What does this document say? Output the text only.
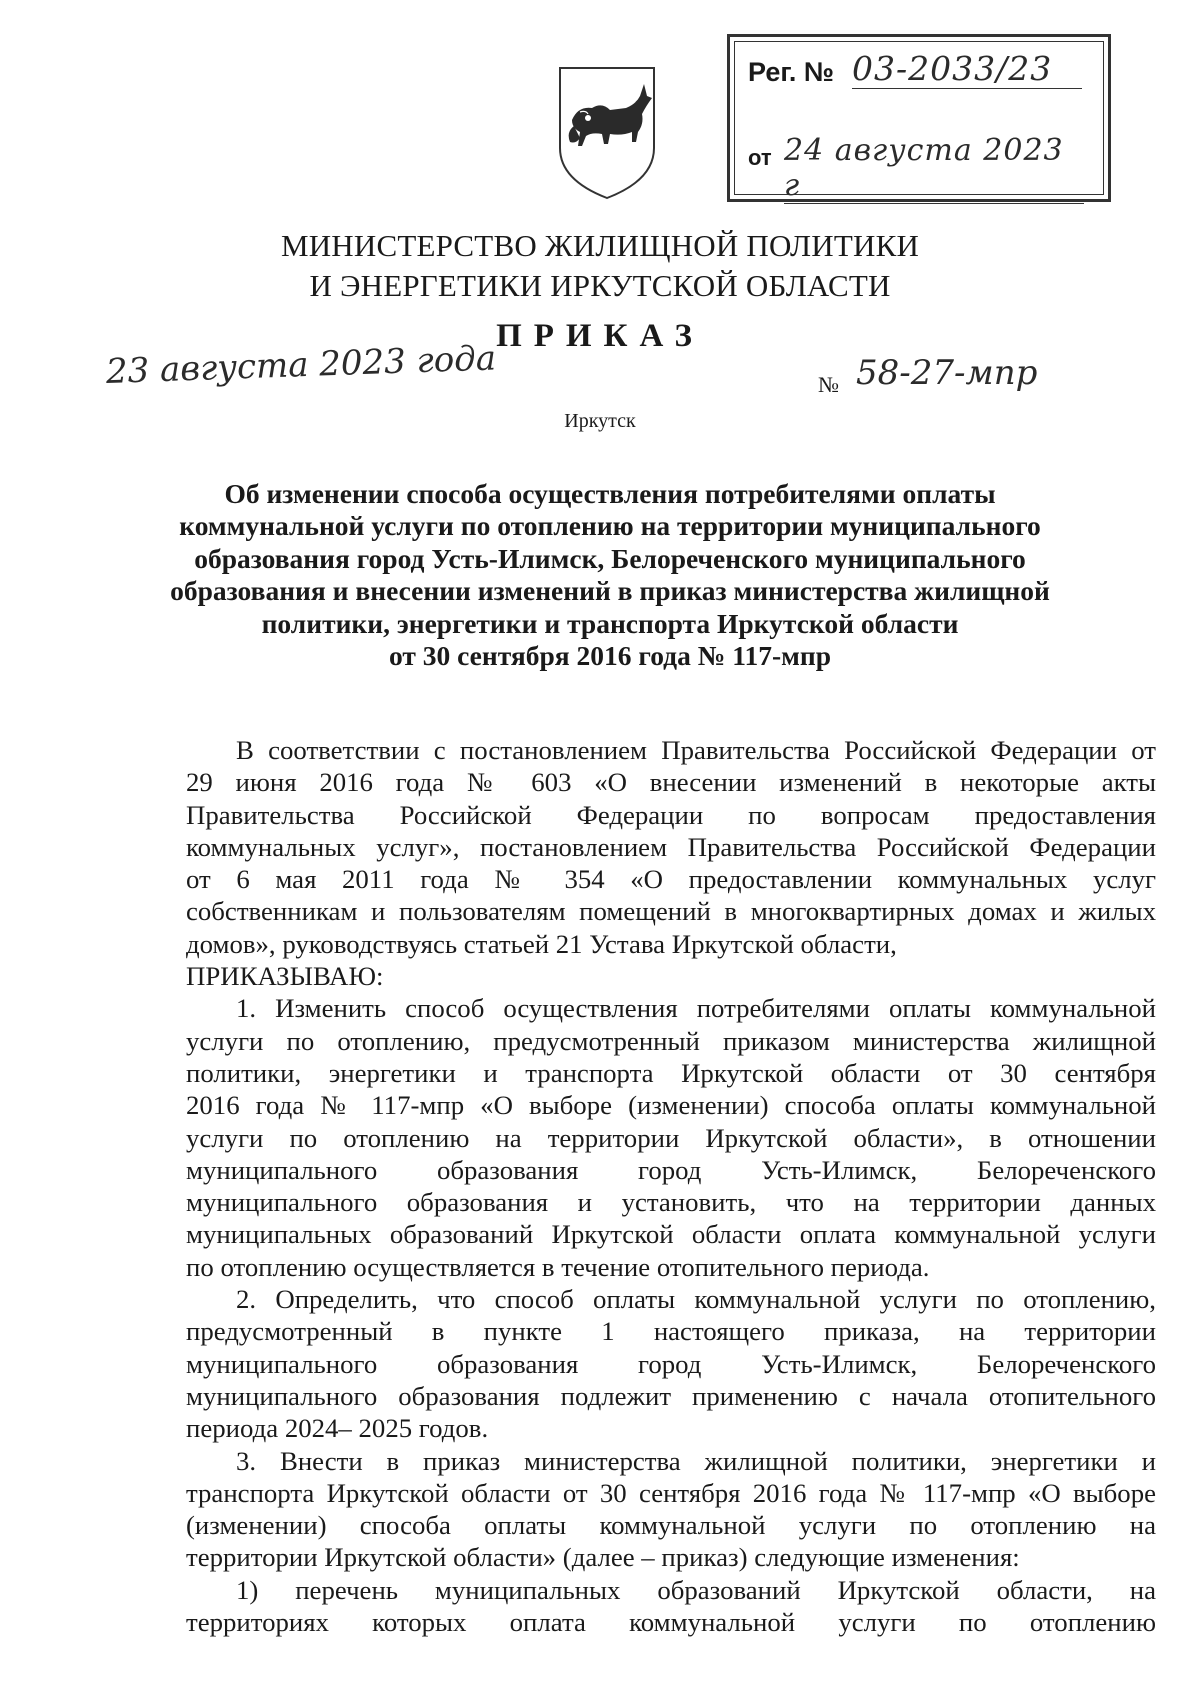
Рег. № 03-2033/23
от 24 августа 2023 г
МИНИСТЕРСТВО ЖИЛИЩНОЙ ПОЛИТИКИ
И ЭНЕРГЕТИКИ ИРКУТСКОЙ ОБЛАСТИ
ПРИКАЗ
23 августа 2023 года	№ 58-27-мпр
Иркутск
Об изменении способа осуществления потребителями оплаты
коммунальной услуги по отоплению на территории муниципального
образования город Усть-Илимск, Белореченского муниципального
образования и внесении изменений в приказ министерства жилищной
политики, энергетики и транспорта Иркутской области
от 30 сентября 2016 года № 117-мпр
В соответствии с постановлением Правительства Российской Федерации от
29 июня 2016 года № 603 «О внесении изменений в некоторые акты
Правительства Российской Федерации по вопросам предоставления
коммунальных услуг», постановлением Правительства Российской Федерации
от 6 мая 2011 года № 354 «О предоставлении коммунальных услуг
собственникам и пользователям помещений в многоквартирных домах и жилых
домов», руководствуясь статьей 21 Устава Иркутской области,
ПРИКАЗЫВАЮ:
1. Изменить способ осуществления потребителями оплаты коммунальной
услуги по отоплению, предусмотренный приказом министерства жилищной
политики, энергетики и транспорта Иркутской области от 30 сентября
2016 года № 117-мпр «О выборе (изменении) способа оплаты коммунальной
услуги по отоплению на территории Иркутской области», в отношении
муниципального образования город Усть-Илимск, Белореченского
муниципального образования и установить, что на территории данных
муниципальных образований Иркутской области оплата коммунальной услуги
по отоплению осуществляется в течение отопительного периода.
2. Определить, что способ оплаты коммунальной услуги по отоплению,
предусмотренный в пункте 1 настоящего приказа, на территории
муниципального образования город Усть-Илимск, Белореченского
муниципального образования подлежит применению с начала отопительного
периода 2024– 2025 годов.
3. Внести в приказ министерства жилищной политики, энергетики и
транспорта Иркутской области от 30 сентября 2016 года № 117-мпр «О выборе
(изменении) способа оплаты коммунальной услуги по отоплению на
территории Иркутской области» (далее – приказ) следующие изменения:
1) перечень муниципальных образований Иркутской области, на
территориях которых оплата коммунальной услуги по отоплению
